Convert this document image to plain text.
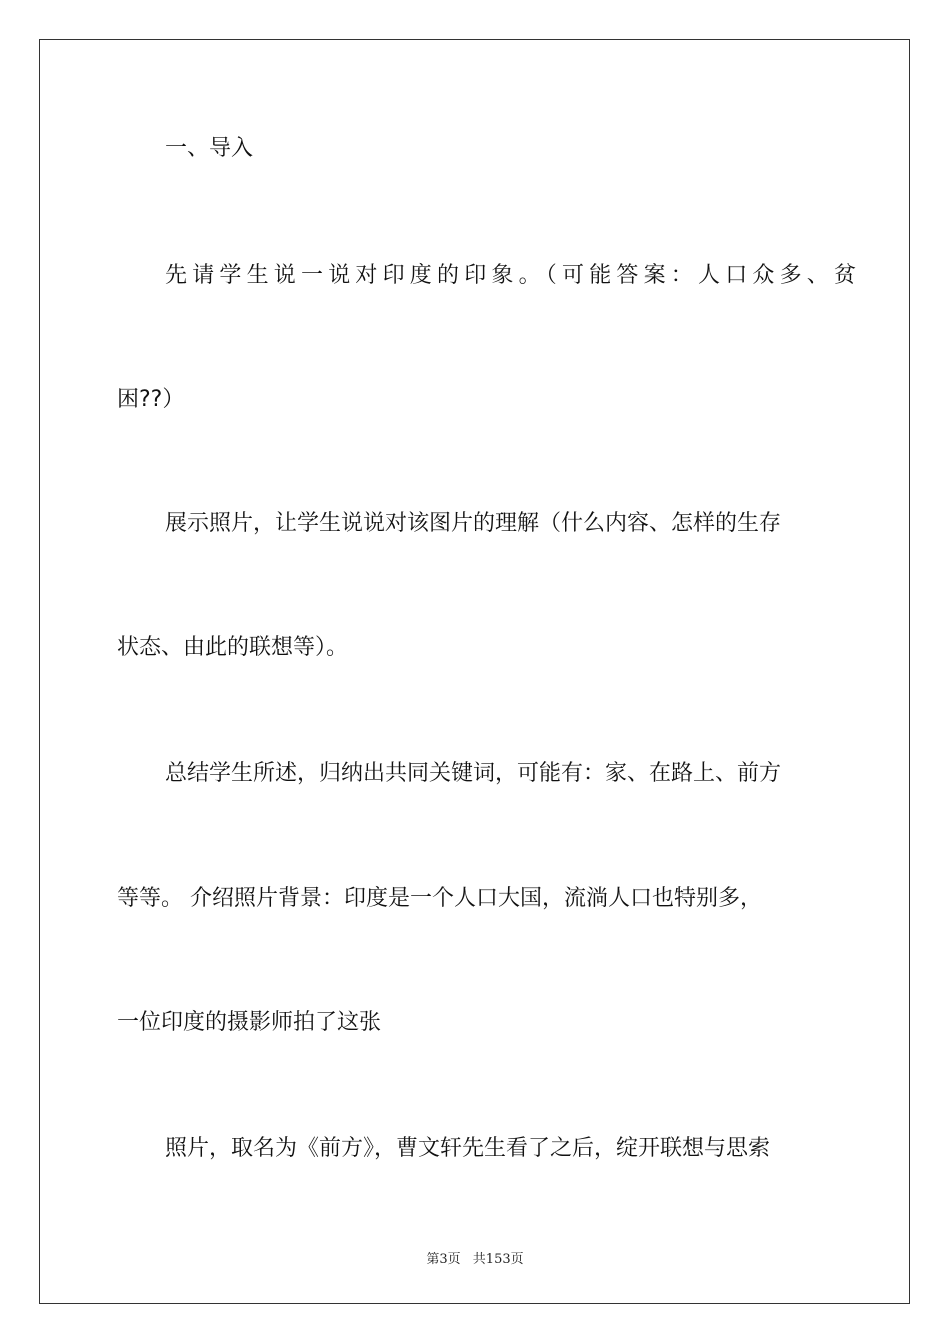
一、导入
先请学生说一说对印度的印象。（可能答案：人口众多、贫
困??）
展示照片，让学生说说对该图片的理解（什么内容、怎样的生存
状态、由此的联想等）。
总结学生所述，归纳出共同关键词，可能有：家、在路上、前方
等等。 介绍照片背景：印度是一个人口大国，流淌人口也特别多，
一位印度的摄影师拍了这张
照片，取名为《前方》，曹文轩先生看了之后，绽开联想与思索
第3页 共153页
